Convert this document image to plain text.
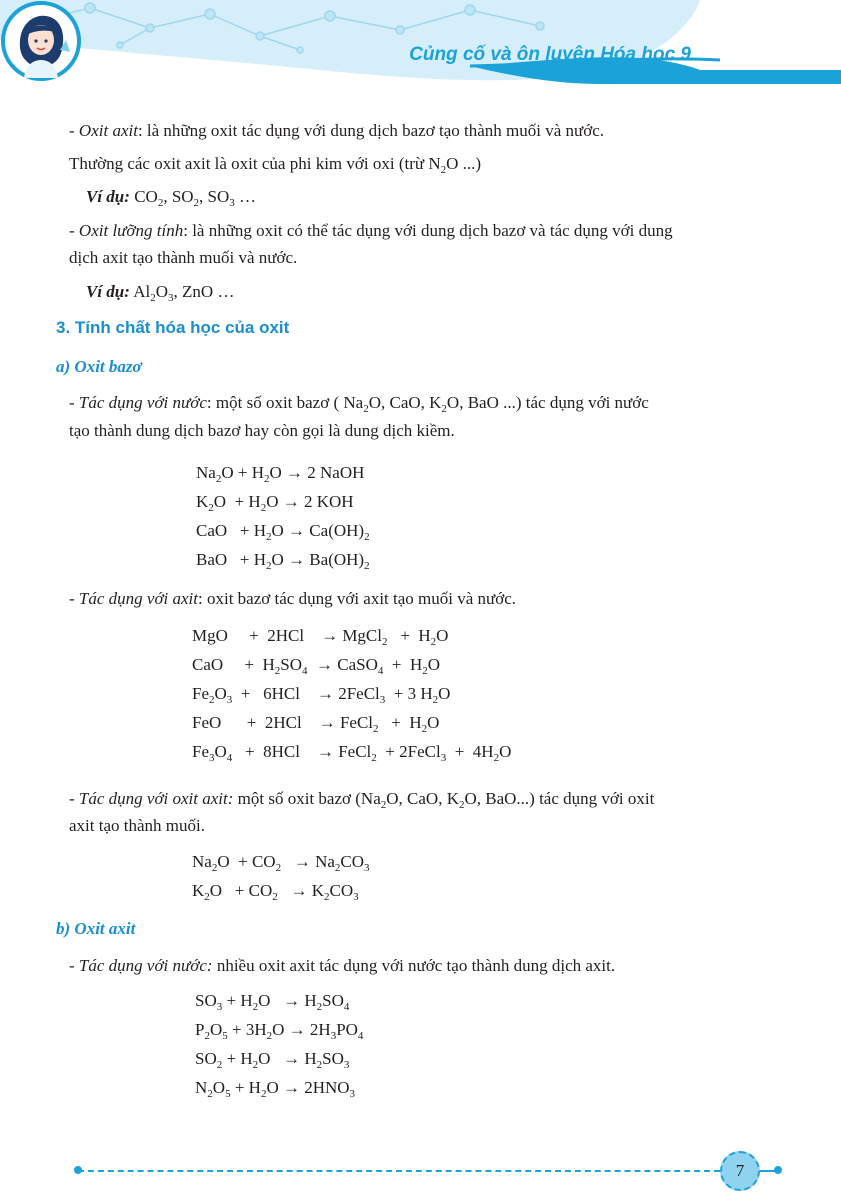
Củng cố và ôn luyện Hóa học 9
- Oxit axit: là những oxit tác dụng với dung dịch bazơ tạo thành muối và nước.
Thường các oxit axit là oxit của phi kim với oxi (trừ $N_2O$ ...)
Ví dụ: $CO_2$, $SO_2$, $SO_3$ …
- Oxit lưỡng tính: là những oxit có thể tác dụng với dung dịch bazơ và tác dụng với dung
dịch axit tạo thành muối và nước.
Ví dụ: $Al_2O_3$, ZnO …
3. Tính chất hóa học của oxit
a) Oxit bazơ
- Tác dụng với nước: một số oxit bazơ ( $Na_2O$, CaO, $K_2O$, BaO ...) tác dụng với nước
tạo thành dung dịch bazơ hay còn gọi là dung dịch kiềm.
$Na_2O + H_2O \to 2$ NaOH
$K_2O + H_2O \to 2$ KOH
CaO   + $H_2O \to Ca(OH)_2$
BaO   + $H_2O \to Ba(OH)_2$
- Tác dụng với axit: oxit bazơ tác dụng với axit tạo muối và nước.
MgO     +  2HCl    → MgCl$_2$   +  $H_2O$
CaO     +  $H_2SO_4$  → CaSO$_4$  +  $H_2O$
$Fe_2O_3 + 6HCl$    → 2FeCl$_3$  + 3 $H_2O$
FeO      +  2HCl    → FeCl$_2$   +  $H_2O$
$Fe_3O_4 + 8HCl$    → FeCl$_2$  + 2FeCl$_3$  +  $4H_2O$
- Tác dụng với oxit axit: một số oxit bazơ ($Na_2O$, CaO, $K_2O$, BaO...) tác dụng với oxit
axit tạo thành muối.
$Na_2O + CO_2 \to Na_2CO_3$
$K_2O + CO_2 \to K_2CO_3$
b) Oxit axit
- Tác dụng với nước: nhiều oxit axit tác dụng với nước tạo thành dung dịch axit.
$SO_3 + H_2O \to H_2SO_4$
$P_2O_5 + 3H_2O \to 2H_3PO_4$
$SO_2 + H_2O \to H_2SO_3$
$N_2O_5 + H_2O \to 2HNO_3$
7
